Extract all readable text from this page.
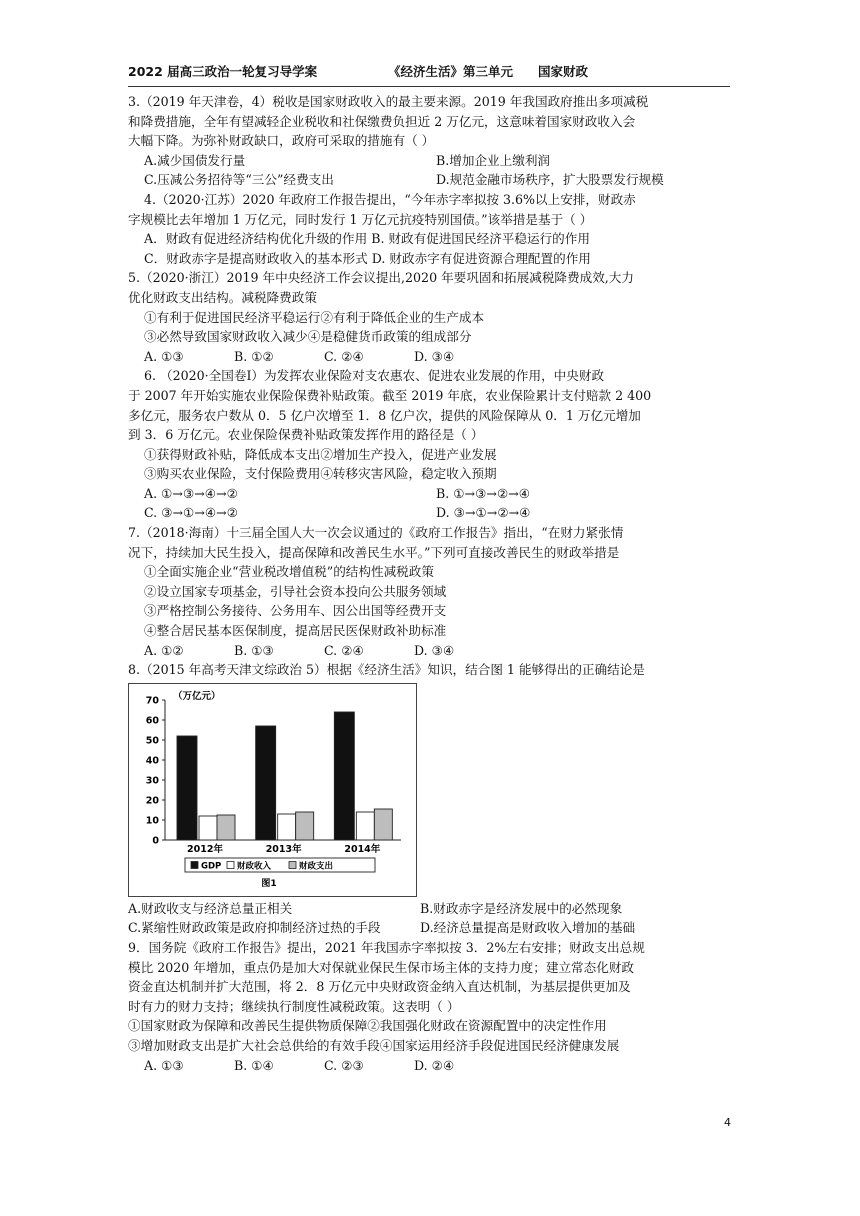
2022 届高三政治一轮复习导学案	《经济生活》第三单元 国家财政

3.（2019 年天津卷，4）税收是国家财政收入的最主要来源。2019 年我国政府推出多项减税

和降费措施，全年有望减轻企业税收和社保缴费负担近 2 万亿元，这意味着国家财政收入会

大幅下降。为弥补财政缺口，政府可采取的措施有（ ）

A.减少国债发行量	B.增加企业上缴利润
C.压减公务招待等“三公”经费支出	D.规范金融市场秩序，扩大股票发行规模

4.（2020·江苏）2020 年政府工作报告提出，“今年赤字率拟按 3.6%以上安排，财政赤

字规模比去年增加 1 万亿元，同时发行 1 万亿元抗疫特别国债。”该举措是基于（ ）

A．财政有促进经济结构优化升级的作用 B. 财政有促进国民经济平稳运行的作用

C．财政赤字是提高财政收入的基本形式 D. 财政赤字有促进资源合理配置的作用

5.（2020·浙江）2019 年中央经济工作会议提出,2020 年要巩固和拓展减税降费成效,大力

优化财政支出结构。减税降费政策

①有利于促进国民经济平稳运行②有利于降低企业的生产成本

③必然导致国家财政收入减少④是稳健货币政策的组成部分

A. ①③	B. ①②	C. ②④	D. ③④

6. （2020·全国卷Ⅰ）为发挥农业保险对支农惠农、促进农业发展的作用，中央财政

于 2007 年开始实施农业保险保费补贴政策。截至 2019 年底，农业保险累计支付赔款 2 400

多亿元，服务农户数从 0．5 亿户次增至 1．8 亿户次，提供的风险保障从 0．1 万亿元增加

到 3．6 万亿元。农业保险保费补贴政策发挥作用的路径是（ ）

①获得财政补贴，降低成本支出②增加生产投入，促进产业发展

③购买农业保险，支付保险费用④转移灾害风险，稳定收入预期

A. ①→③→④→②	B. ①→③→②→④
C. ③→①→④→②	D. ③→①→②→④

7.（2018·海南）十三届全国人大一次会议通过的《政府工作报告》指出，“在财力紧张情

况下，持续加大民生投入，提高保障和改善民生水平。”下列可直接改善民生的财政举措是

①全面实施企业“营业税改增值税”的结构性减税政策

②设立国家专项基金，引导社会资本投向公共服务领域

③严格控制公务接待、公务用车、因公出国等经费开支

④整合居民基本医保制度，提高居民医保财政补助标准

A. ①②	B. ①③	C. ②④	D. ③④

8.（2015 年高考天津文综政治 5）根据《经济生活》知识，结合图 1 能够得出的正确结论是

0
10
20
30
40
50
60
70 （万亿元）
2012年	2013年	2014年
GDP 财政收入	财政支出
图1
A.财政收支与经济总量正相关	B.财政赤字是经济发展中的必然现象
C.紧缩性财政政策是政府抑制经济过热的手段	D.经济总量提高是财政收入增加的基础

9．国务院《政府工作报告》提出，2021 年我国赤字率拟按 3．2%左右安排；财政支出总规

模比 2020 年增加，重点仍是加大对保就业保民生保市场主体的支持力度；建立常态化财政

资金直达机制并扩大范围，将 2．8 万亿元中央财政资金纳入直达机制，为基层提供更加及

时有力的财力支持；继续执行制度性减税政策。这表明（ ）

①国家财政为保障和改善民生提供物质保障②我国强化财政在资源配置中的决定性作用

③增加财政支出是扩大社会总供给的有效手段④国家运用经济手段促进国民经济健康发展

A. ①③	B. ①④	C. ②③	D. ②④

4
